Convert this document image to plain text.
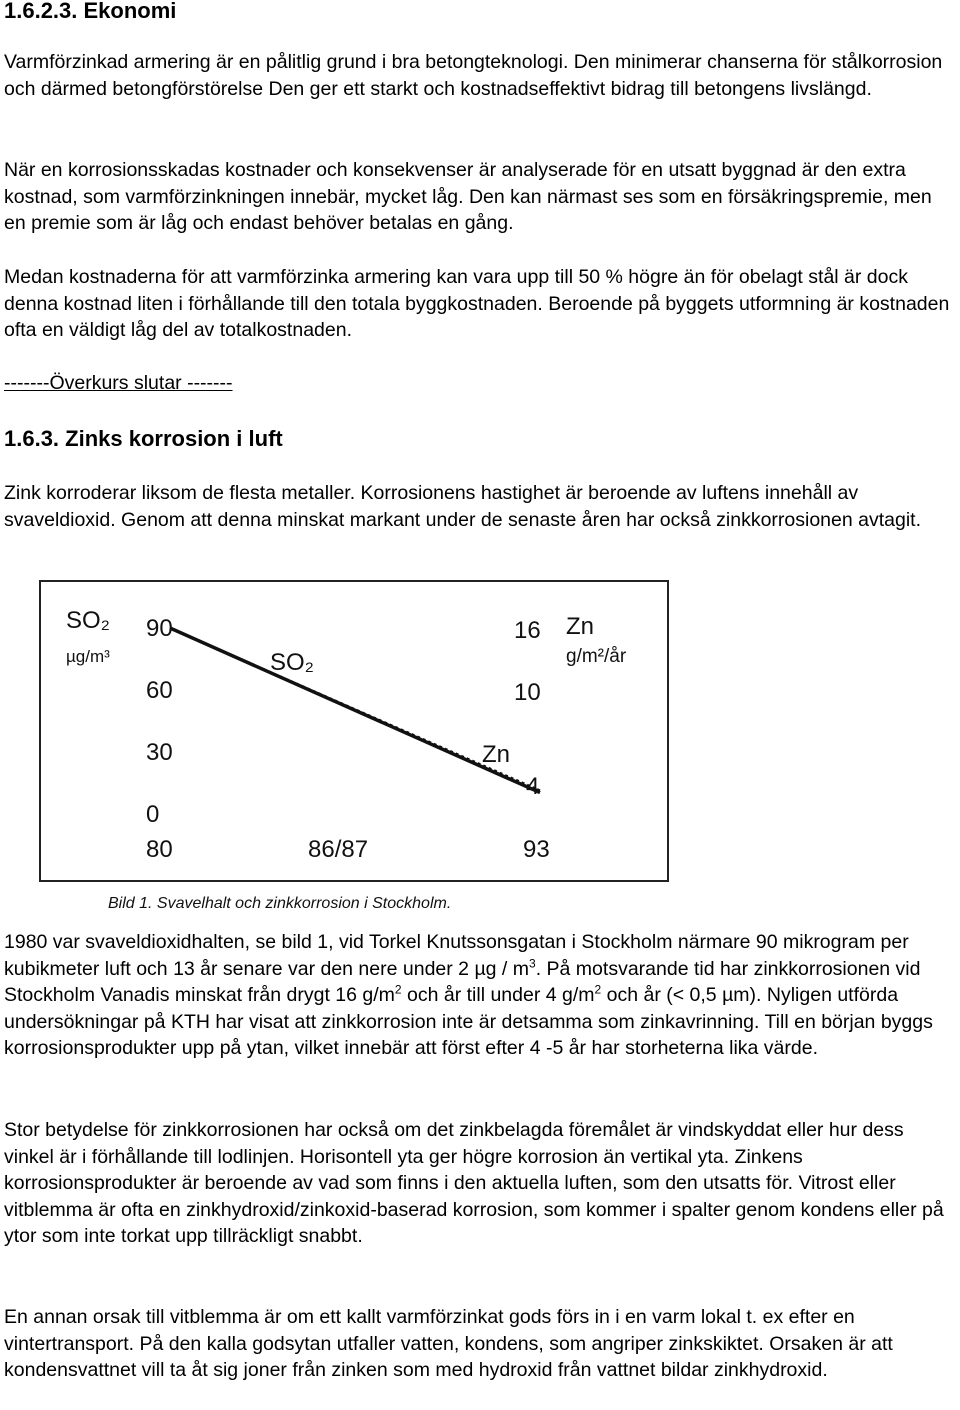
1.6.2.3. Ekonomi

Varmförzinkad armering är en pålitlig grund i bra betongteknologi. Den minimerar chanserna för stålkorrosion och därmed betongförstörelse Den ger ett starkt och kostnadseffektivt bidrag till betongens livslängd.

När en korrosionsskadas kostnader och konsekvenser är analyserade för en utsatt byggnad är den extra kostnad, som varmförzinkningen innebär, mycket låg. Den kan närmast ses som en försäkringspremie, men en premie som är låg och endast behöver betalas en gång.

Medan kostnaderna för att varmförzinka armering kan vara upp till 50 % högre än för obelagt stål är dock denna kostnad liten i förhållande till den totala byggkostnaden. Beroende på byggets utformning är kostnaden ofta en väldigt låg del av totalkostnaden.

-------Överkurs slutar -------

1.6.3. Zinks korrosion i luft

Zink korroderar liksom de flesta metaller. Korrosionens hastighet är beroende av luftens innehåll av svaveldioxid. Genom att denna minskat markant under de senaste åren har också zinkkorrosionen avtagit.

SO₂
µg/m³
Zn
g/m²/år
90
60
30
0
16
10
4
80	86/87	93
SO₂
Zn
Bild 1. Svavelhalt och zinkkorrosion i Stockholm.

1980 var svaveldioxidhalten, se bild 1, vid Torkel Knutssonsgatan i Stockholm närmare 90 mikrogram per kubikmeter luft och 13 år senare var den nere under 2 µg / $m^3$. På motsvarande tid har zinkkorrosionen vid Stockholm Vanadis minskat från drygt 16 $g/m^2$ och år till under 4 $g/m^2$ och år (< 0,5 µm). Nyligen utförda undersökningar på KTH har visat att zinkkorrosion inte är detsamma som zinkavrinning. Till en början byggs korrosionsprodukter upp på ytan, vilket innebär att först efter 4 -5 år har storheterna lika värde.

Stor betydelse för zinkkorrosionen har också om det zinkbelagda föremålet är vindskyddat eller hur dess vinkel är i förhållande till lodlinjen. Horisontell yta ger högre korrosion än vertikal yta. Zinkens korrosionsprodukter är beroende av vad som finns i den aktuella luften, som den utsatts för. Vitrost eller vitblemma är ofta en zinkhydroxid/zinkoxid-baserad korrosion, som kommer i spalter genom kondens eller på ytor som inte torkat upp tillräckligt snabbt.

En annan orsak till vitblemma är om ett kallt varmförzinkat gods förs in i en varm lokal t. ex efter en vintertransport. På den kalla godsytan utfaller vatten, kondens, som angriper zinkskiktet. Orsaken är att kondensvattnet vill ta åt sig joner från zinken som med hydroxid från vattnet bildar zinkhydroxid.
